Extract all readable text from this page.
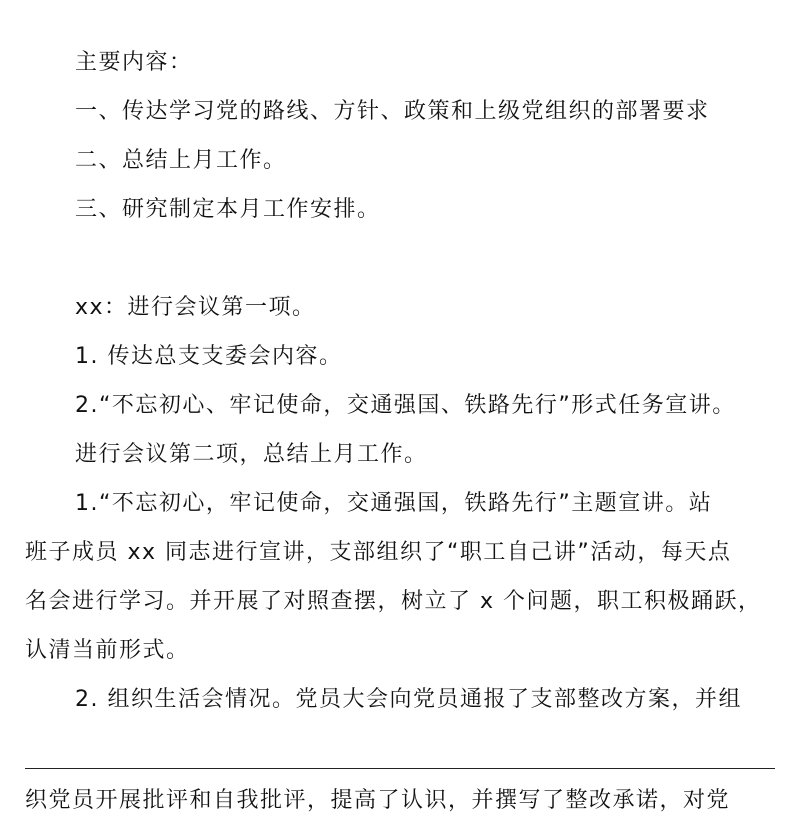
主要内容：
一、传达学习党的路线、方针、政策和上级党组织的部署要求
二、总结上月工作。
三、研究制定本月工作安排。
xx：进行会议第一项。
1. 传达总支支委会内容。
2.“不忘初心、牢记使命，交通强国、铁路先行”形式任务宣讲。
进行会议第二项，总结上月工作。
1.“不忘初心，牢记使命，交通强国，铁路先行”主题宣讲。站
班子成员 xx 同志进行宣讲，支部组织了“职工自己讲”活动，每天点
名会进行学习。并开展了对照查摆，树立了 x 个问题，职工积极踊跃，
认清当前形式。
2. 组织生活会情况。党员大会向党员通报了支部整改方案，并组
织党员开展批评和自我批评，提高了认识，并撰写了整改承诺，对党
